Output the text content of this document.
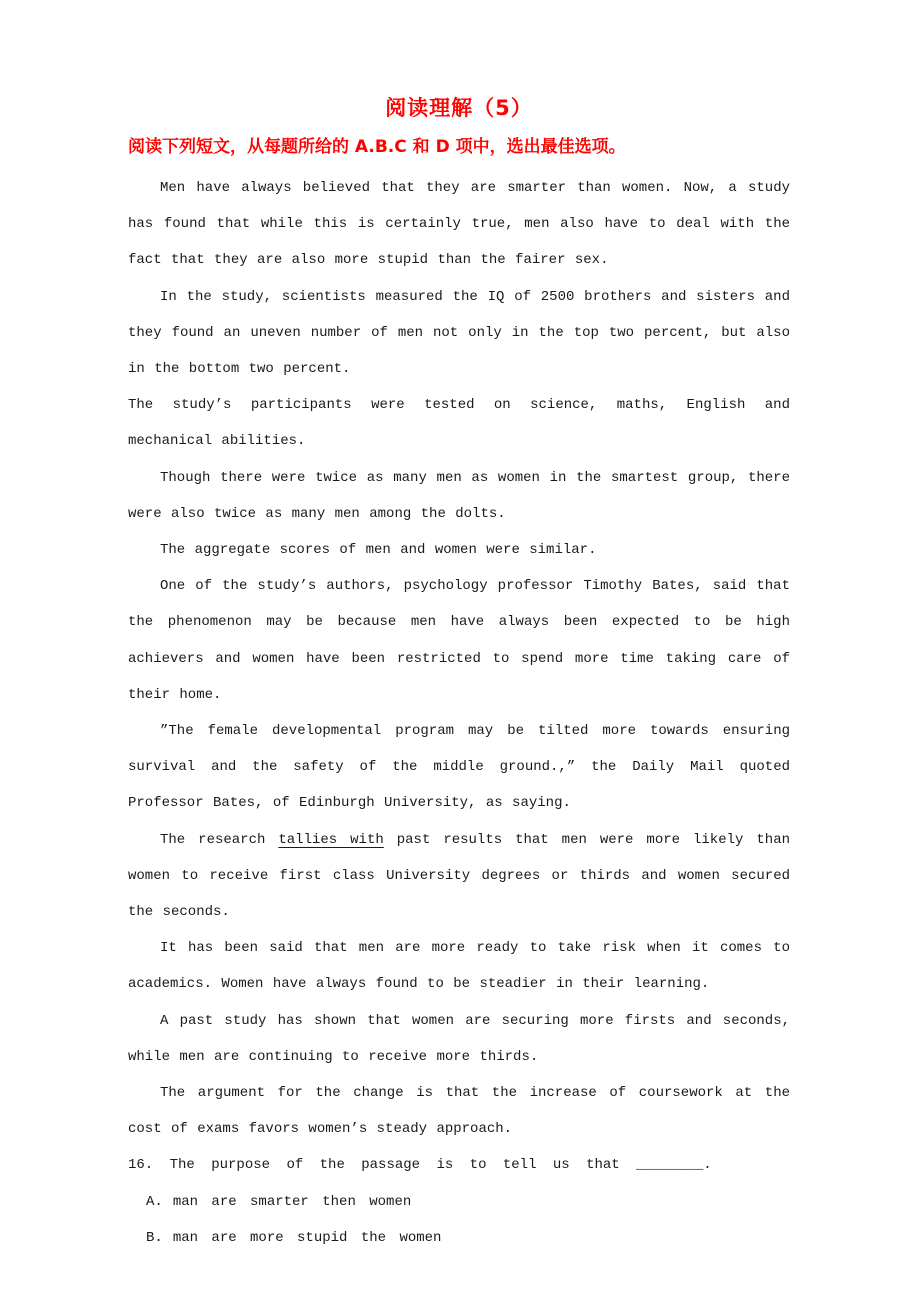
阅读理解（5）

阅读下列短文，从每题所给的 A.B.C 和 D 项中，选出最佳选项。

Men have always believed that they are smarter than women. Now, a study has found that while this is certainly true, men also have to deal with the fact that they are also more stupid than the fairer sex.

In the study, scientists measured the IQ of 2500 brothers and sisters and they found an uneven number of men not only in the top two percent, but also in the bottom two percent.

The study’s participants were tested on science, maths, English and mechanical abilities.

Though there were twice as many men as women in the smartest group, there were also twice as many men among the dolts.

The aggregate scores of men and women were similar.

One of the study’s authors, psychology professor Timothy Bates, said that the phenomenon may be because men have always been expected to be high achievers and women have been restricted to spend more time taking care of their home.

”The female developmental program may be tilted more towards ensuring survival and the safety of the middle ground.,” the Daily Mail quoted Professor Bates, of Edinburgh University, as saying.

The research tallies with past results that men were more likely than women to receive first class University degrees or thirds and women secured the seconds.

It has been said that men are more ready to take risk when it comes to academics. Women have always found to be steadier in their learning.

A past study has shown that women are securing more firsts and seconds, while men are continuing to receive more thirds.

The argument for the change is that the increase of coursework at the cost of exams favors women’s steady approach.

16. The purpose of the passage is to tell us that ________.

A. man are smarter then women

B. man are more stupid the women
